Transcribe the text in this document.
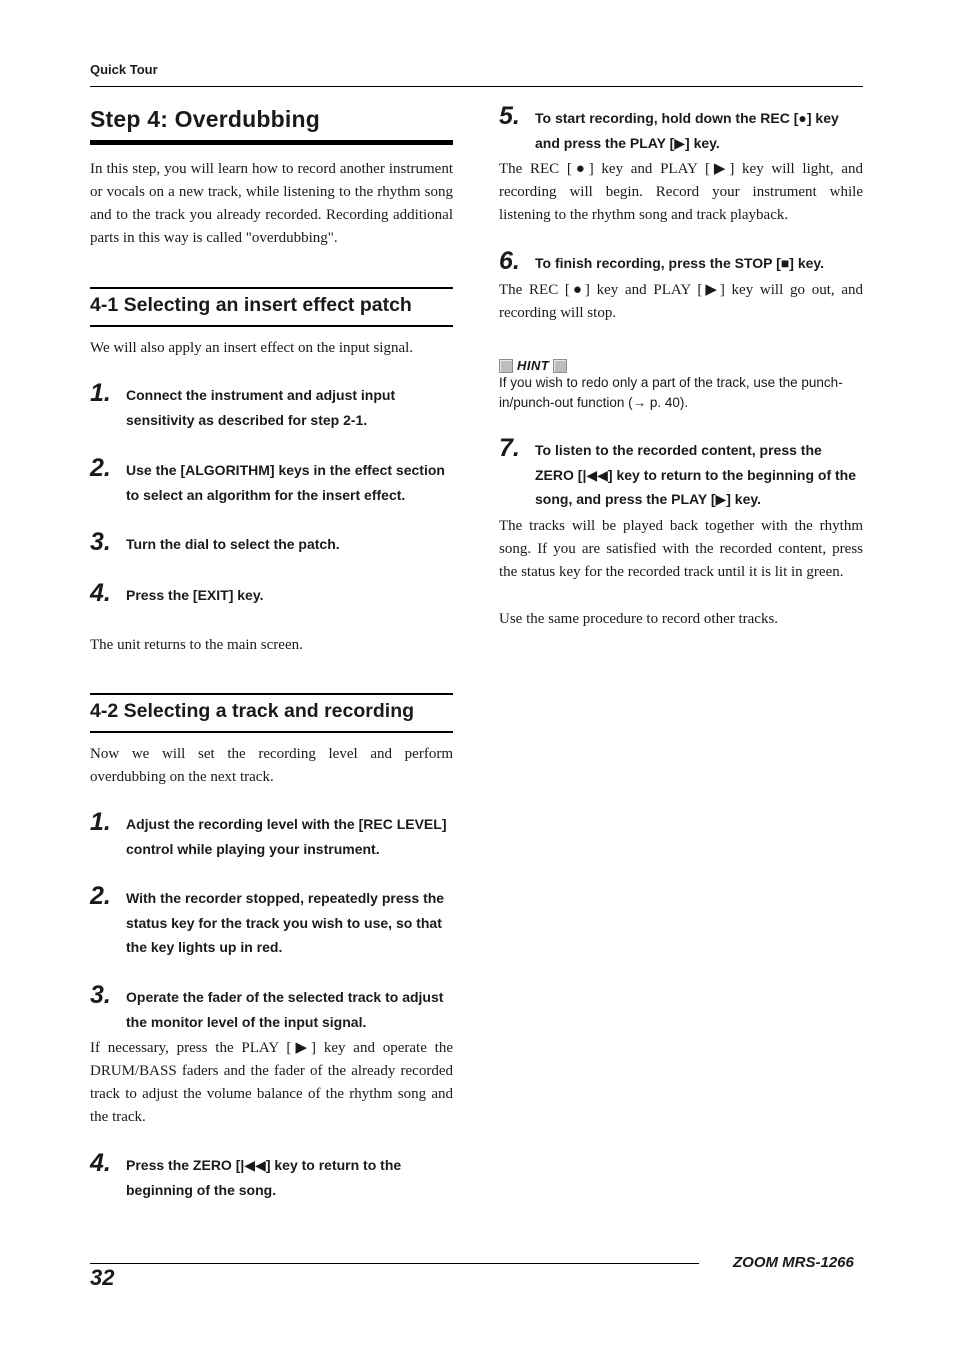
Quick Tour
Step 4: Overdubbing
In this step, you will learn how to record another instrument or vocals on a new track, while listening to the rhythm song and to the track you already recorded. Recording additional parts in this way is called "overdubbing".
4-1 Selecting an insert effect patch
We will also apply an insert effect on the input signal.
1.	Connect the instrument and adjust input sensitivity as described for step 2-1.
2.	Use the [ALGORITHM] keys in the effect section to select an algorithm for the insert effect.
3.	Turn the dial to select the patch.
4.	Press the [EXIT] key.
The unit returns to the main screen.
4-2 Selecting a track and recording
Now we will set the recording level and perform overdubbing on the next track.
1.	Adjust the recording level with the [REC LEVEL] control while playing your instrument.
2.	With the recorder stopped, repeatedly press the status key for the track you wish to use, so that the key lights up in red.
3.	Operate the fader of the selected track to adjust the monitor level of the input signal.
If necessary, press the PLAY [▶] key and operate the DRUM/BASS faders and the fader of the already recorded track to adjust the volume balance of the rhythm song and the track.
4.	Press the ZERO [|◀◀] key to return to the beginning of the song.
5.	To start recording, hold down the REC [●] key and press the PLAY [▶] key.
The REC [●] key and PLAY [▶] key will light, and recording will begin. Record your instrument while listening to the rhythm song and track playback.
6.	To finish recording, press the STOP [■] key.
The REC [●] key and PLAY [▶] key will go out, and recording will stop.
HINT
If you wish to redo only a part of the track, use the punch-in/punch-out function (→ p. 40).
7.	To listen to the recorded content, press the ZERO [|◀◀] key to return to the beginning of the song, and press the PLAY [▶] key.
The tracks will be played back together with the rhythm song. If you are satisfied with the recorded content, press the status key for the recorded track until it is lit in green.
Use the same procedure to record other tracks.
32
ZOOM MRS-1266
